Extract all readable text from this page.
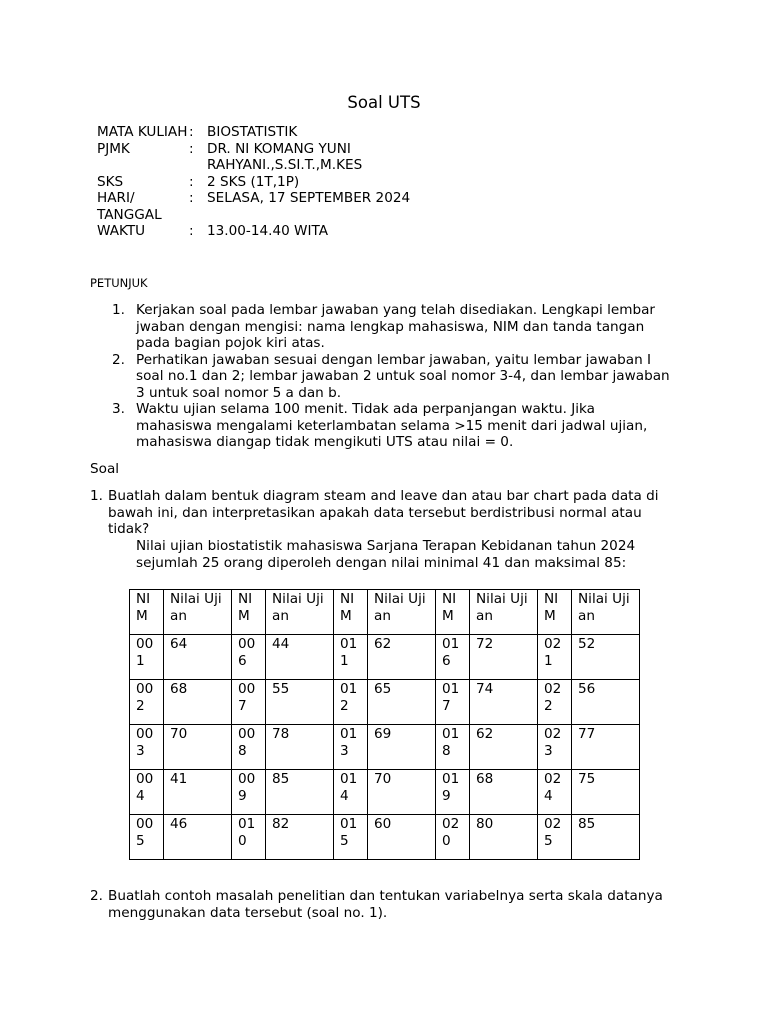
Soal UTS
MATA KULIAH : BIOSTATISTIK
PJMK	: DR. NI KOMANG YUNI RAHYANI.,S.SI.T.,M.KES
SKS	: 2 SKS (1T,1P)
HARI/ TANGGAL
: SELASA, 17 SEPTEMBER 2024
WAKTU	: 13.00-14.40 WITA
PETUNJUK
1. Kerjakan soal pada lembar jawaban yang telah disediakan. Lengkapi lembar jwaban dengan mengisi: nama lengkap mahasiswa, NIM dan tanda tangan pada bagian pojok kiri atas.
2. Perhatikan jawaban sesuai dengan lembar jawaban, yaitu lembar jawaban I soal no.1 dan 2; lembar jawaban 2 untuk soal nomor 3-4, dan lembar jawaban 3 untuk soal nomor 5 a dan b.
3. Waktu ujian selama 100 menit. Tidak ada perpanjangan waktu. Jika mahasiswa mengalami keterlambatan selama >15 menit dari jadwal ujian, mahasiswa diangap tidak mengikuti UTS atau nilai = 0.
Soal
1. Buatlah dalam bentuk diagram steam and leave dan atau bar chart pada data di bawah ini, dan interpretasikan apakah data tersebut berdistribusi normal atau tidak?
Nilai ujian biostatistik mahasiswa Sarjana Terapan Kebidanan tahun 2024 sejumlah 25 orang diperoleh dengan nilai minimal 41 dan maksimal 85:
NIM	Nilai Ujian	NIM	Nilai Ujian	NIM	Nilai Ujian	NIM	Nilai Ujian	NIM	Nilai Ujian
001	64	006	44	011	62	016	72	021	52
002	68	007	55	012	65	017	74	022	56
003	70	008	78	013	69	018	62	023	77
004	41	009	85	014	70	019	68	024	75
005	46	010	82	015	60	020	80	025	85
2. Buatlah contoh masalah penelitian dan tentukan variabelnya serta skala datanya menggunakan data tersebut (soal no. 1).
